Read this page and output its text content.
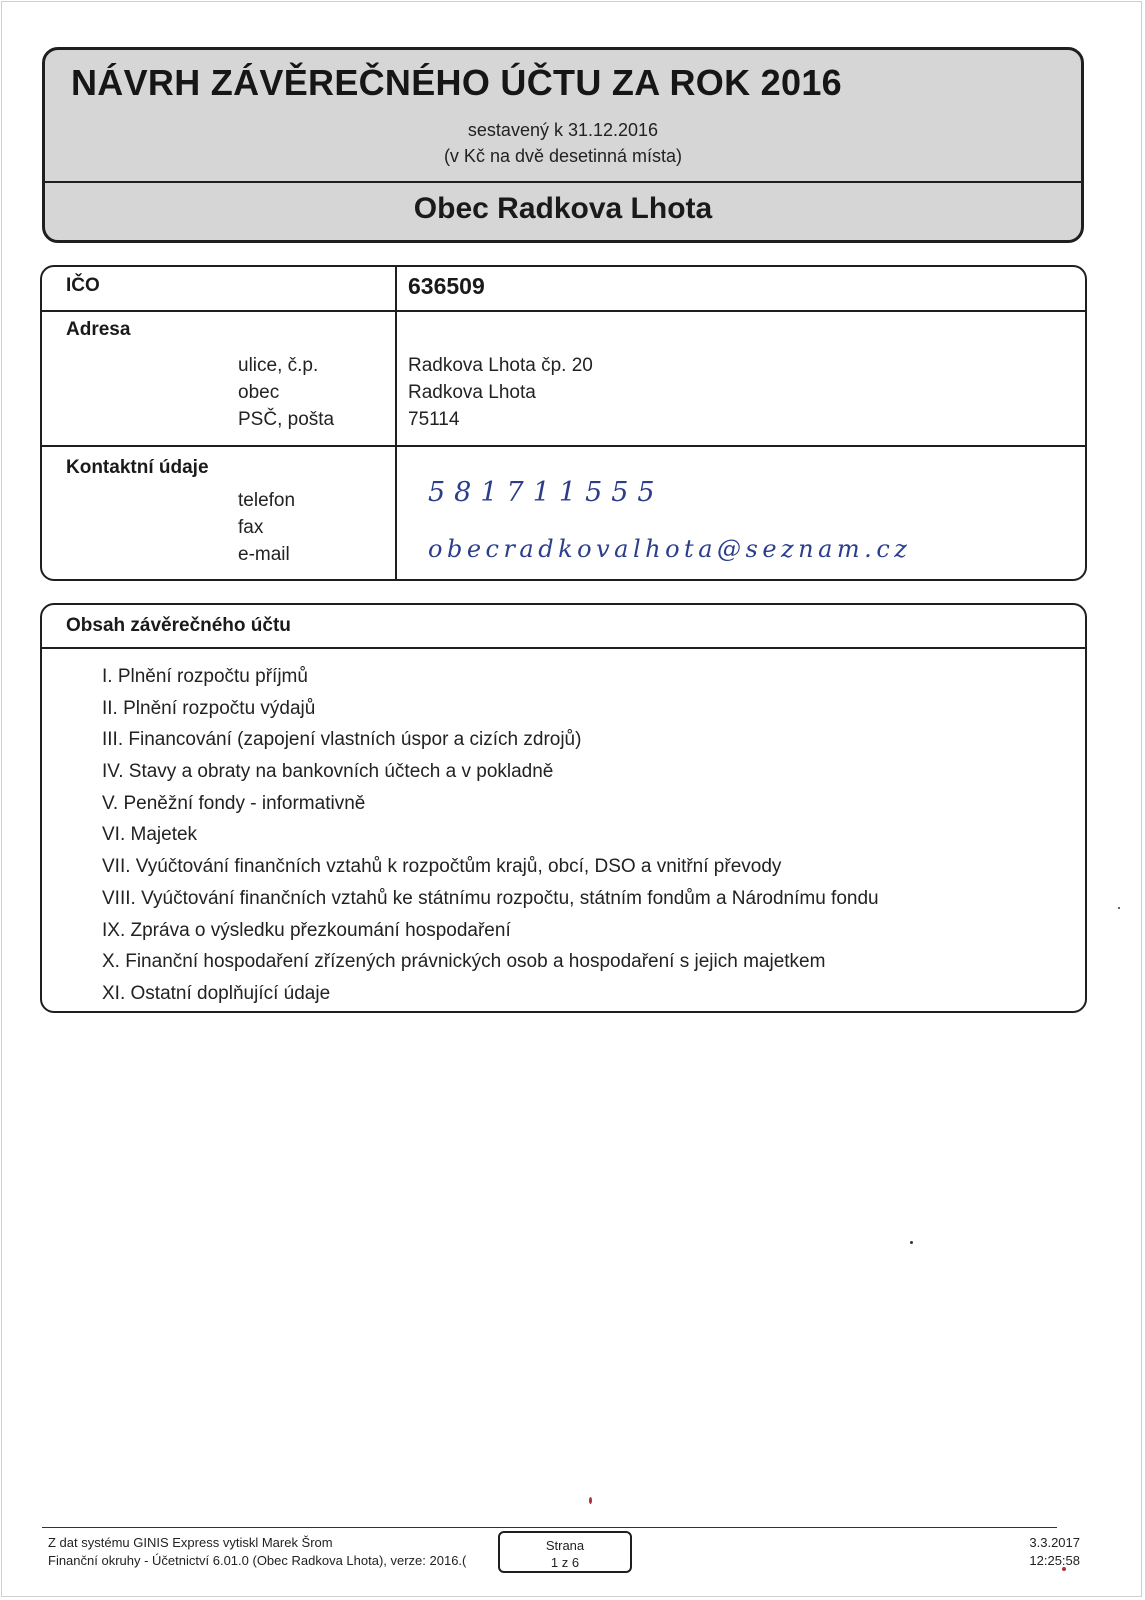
NÁVRH ZÁVĚREČNÉHO ÚČTU ZA ROK 2016
sestavený k 31.12.2016
(v Kč na dvě desetinná místa)
Obec Radkova Lhota
IČO	636509
Adresa
ulice, č.p.	Radkova Lhota čp. 20
obec	Radkova Lhota
PSČ, pošta	75114
Kontaktní údaje
telefon	581711555
fax
e-mail	obecradkovalhota@seznam.cz
Obsah závěrečného účtu
I. Plnění rozpočtu příjmů
II. Plnění rozpočtu výdajů
III. Financování (zapojení vlastních úspor a cizích zdrojů)
IV. Stavy a obraty na bankovních účtech a v pokladně
V. Peněžní fondy - informativně
VI. Majetek
VII. Vyúčtování finančních vztahů k rozpočtům krajů, obcí, DSO a vnitřní převody
VIII. Vyúčtování finančních vztahů ke státnímu rozpočtu, státním fondům a Národnímu fondu
IX. Zpráva o výsledku přezkoumání hospodaření
X. Finanční hospodaření zřízených právnických osob a hospodaření s jejich majetkem
XI. Ostatní doplňující údaje
Z dat systému GINIS Express vytiskl Marek Šrom
Finanční okruhy - Účetnictví 6.01.0 (Obec Radkova Lhota), verze: 2016.(
Strana
1 z 6
3.3.2017
12:25:58
